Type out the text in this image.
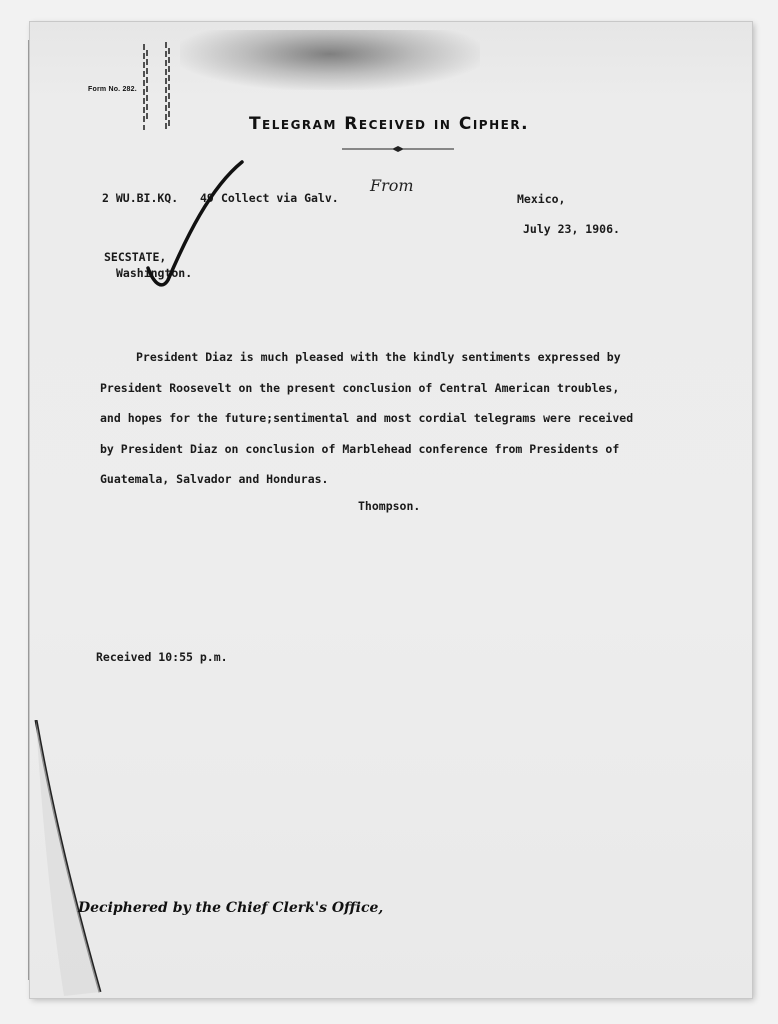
Form No. 282.
Telegram Received in Cipher.
2 WU.BI.KQ. 49 Collect via Galv.
From
Mexico,
July 23, 1906.
SECSTATE,
Washington.
President Diaz is much pleased with the kindly sentiments expressed by
President Roosevelt on the present conclusion of Central American troubles,
and hopes for the future;sentimental and most cordial telegrams were received
by President Diaz on conclusion of Marblehead conference from Presidents of
Guatemala, Salvador and Honduras.
Thompson.
Received 10:55 p.m.
Deciphered by the Chief Clerk's Office,
